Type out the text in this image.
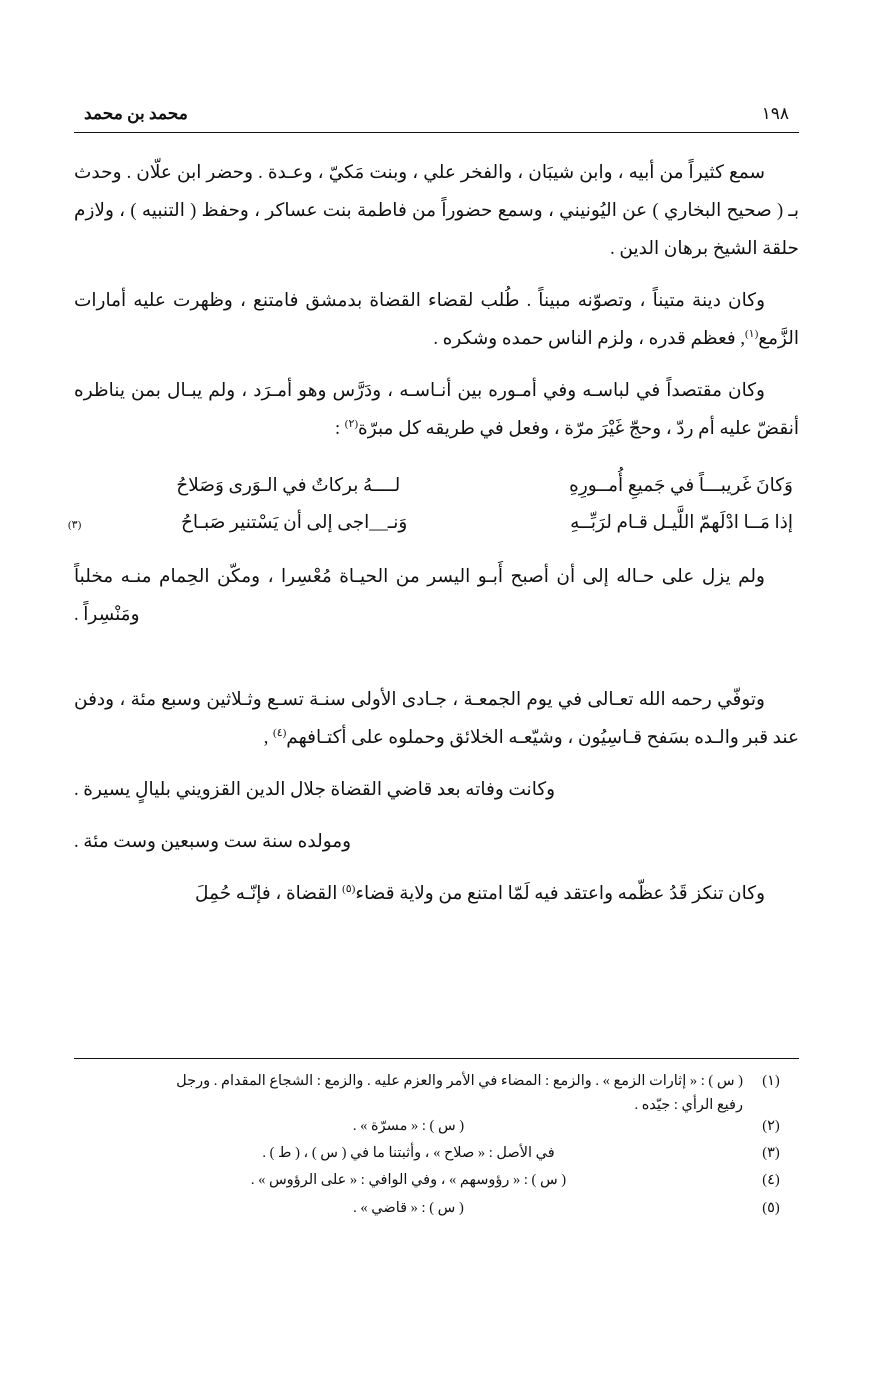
محمد بن محمد	١٩٨

سمع كثيراً من أبيه ، وابن شيبَان ، والفخر علي ، وبنت مَكيّ ، وعـدة . وحضر ابن علّان . وحدث بـ ( صحيح البخاري ) عن اليُونيني ، وسمع حضوراً من فاطمة بنت عساكر ، وحفظ ( التنبيه ) ، ولازم حلقة الشيخ برهان الدين .

وكان دينة متيناً ، وتصوّنه مبيناً . طُلب لقضاء القضاة بدمشق فامتنع ، وظهرت عليه أمارات الزَّمع$^{(١)}$, فعظم قدره ، ولزم الناس حمده وشكره .

وكان مقتصداً في لباسـه وفي أمـوره بين أنـاسـه ، ودَرَّس وهو أمـرَد ، ولم يبـال بمن يناظره أنقضّ عليه أم ردّ ، وحجّ غَيْرَ مرّة ، وفعل في طريقه كل مبرّة$^{(٢)}$ :

وَكانَ غَريبـــاً في جَميعِ أُمــورِهِ
لــــهُ بركاتٌ في الـوَرى وَصَلاحُ
إذا مَــا ادْلَهمّ اللَّيـل قـام لرَبِّــهِ
وَنـ__اجى إلى أن يَسْتنير صَبـاحُ
(٣)

ولم يزل على حـاله إلى أن أصبح أَبـو اليسر من الحيـاة مُعْسِرا ، ومكّن الحِمام منـه مخلباً ومَنْسِراً .

وتوفّي رحمه الله تعـالى في يوم الجمعـة ، جـادى الأولى سنـة تسـع وثـلاثين وسبع مئة ، ودفن عند قبر والـده بسَفح قـاسِيُون ، وشيّعـه الخلائق وحملوه على أكتـافهم$^{(٤)}$ ,

وكانت وفاته بعد قاضي القضاة جلال الدين القزويني بليالٍ يسيرة .

ومولده سنة ست وسبعين وست مئة .

وكان تنكز قَدُ عظّمه واعتقد فيه لَمّا امتنع من ولاية قضاء$^{(٥)}$ القضاة ، فإنّـه حُمِلَ

(١)
( س ) : « إثارات الزمع » . والزمع : المضاء في الأمر والعزم عليه . والزمع : الشجاع المقدام . ورجل
رفيع الرأي : جيّده .
(٢)
( س ) : « مسرّة » .
(٣)
في الأصل : « صلاح » ، وأثبتنا ما في ( س ) ، ( ط ) .
(٤)
( س ) : « رؤوسهم » ، وفي الوافي : « على الرؤوس » .
(٥)
( س ) : « قاضي » .
